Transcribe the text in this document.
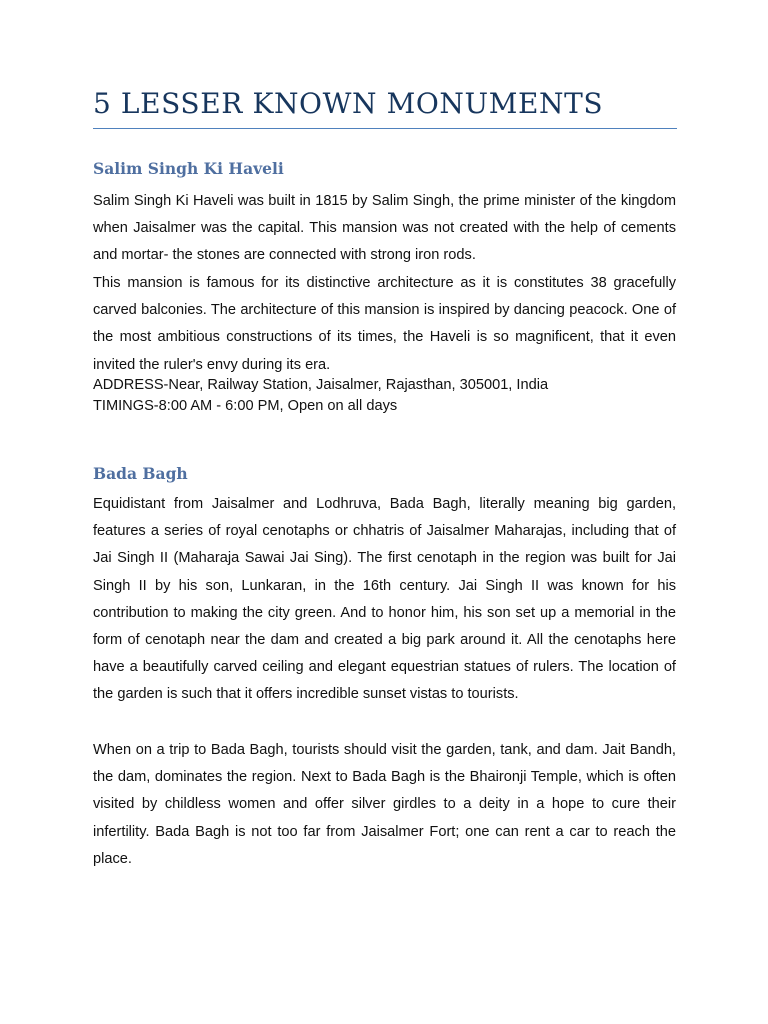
5 LESSER KNOWN MONUMENTS
Salim Singh Ki Haveli
Salim Singh Ki Haveli was built in 1815 by Salim Singh, the prime minister of the kingdom when Jaisalmer was the capital. This mansion was not created with the help of cements and mortar- the stones are connected with strong iron rods.
This mansion is famous for its distinctive architecture as it is constitutes 38 gracefully carved balconies. The architecture of this mansion is inspired by dancing peacock. One of the most ambitious constructions of its times, the Haveli is so magnificent, that it even invited the ruler's envy during its era.
ADDRESS-Near, Railway Station, Jaisalmer, Rajasthan, 305001, India
TIMINGS-8:00 AM - 6:00 PM, Open on all days
Bada Bagh
Equidistant from Jaisalmer and Lodhruva, Bada Bagh, literally meaning big garden, features a series of royal cenotaphs or chhatris of Jaisalmer Maharajas, including that of Jai Singh II (Maharaja Sawai Jai Sing). The first cenotaph in the region was built for Jai Singh II by his son, Lunkaran, in the 16th century. Jai Singh II was known for his contribution to making the city green. And to honor him, his son set up a memorial in the form of cenotaph near the dam and created a big park around it. All the cenotaphs here have a beautifully carved ceiling and elegant equestrian statues of rulers. The location of the garden is such that it offers incredible sunset vistas to tourists.
When on a trip to Bada Bagh, tourists should visit the garden, tank, and dam. Jait Bandh, the dam, dominates the region. Next to Bada Bagh is the Bhaironji Temple, which is often visited by childless women and offer silver girdles to a deity in a hope to cure their infertility. Bada Bagh is not too far from Jaisalmer Fort; one can rent a car to reach the place.
